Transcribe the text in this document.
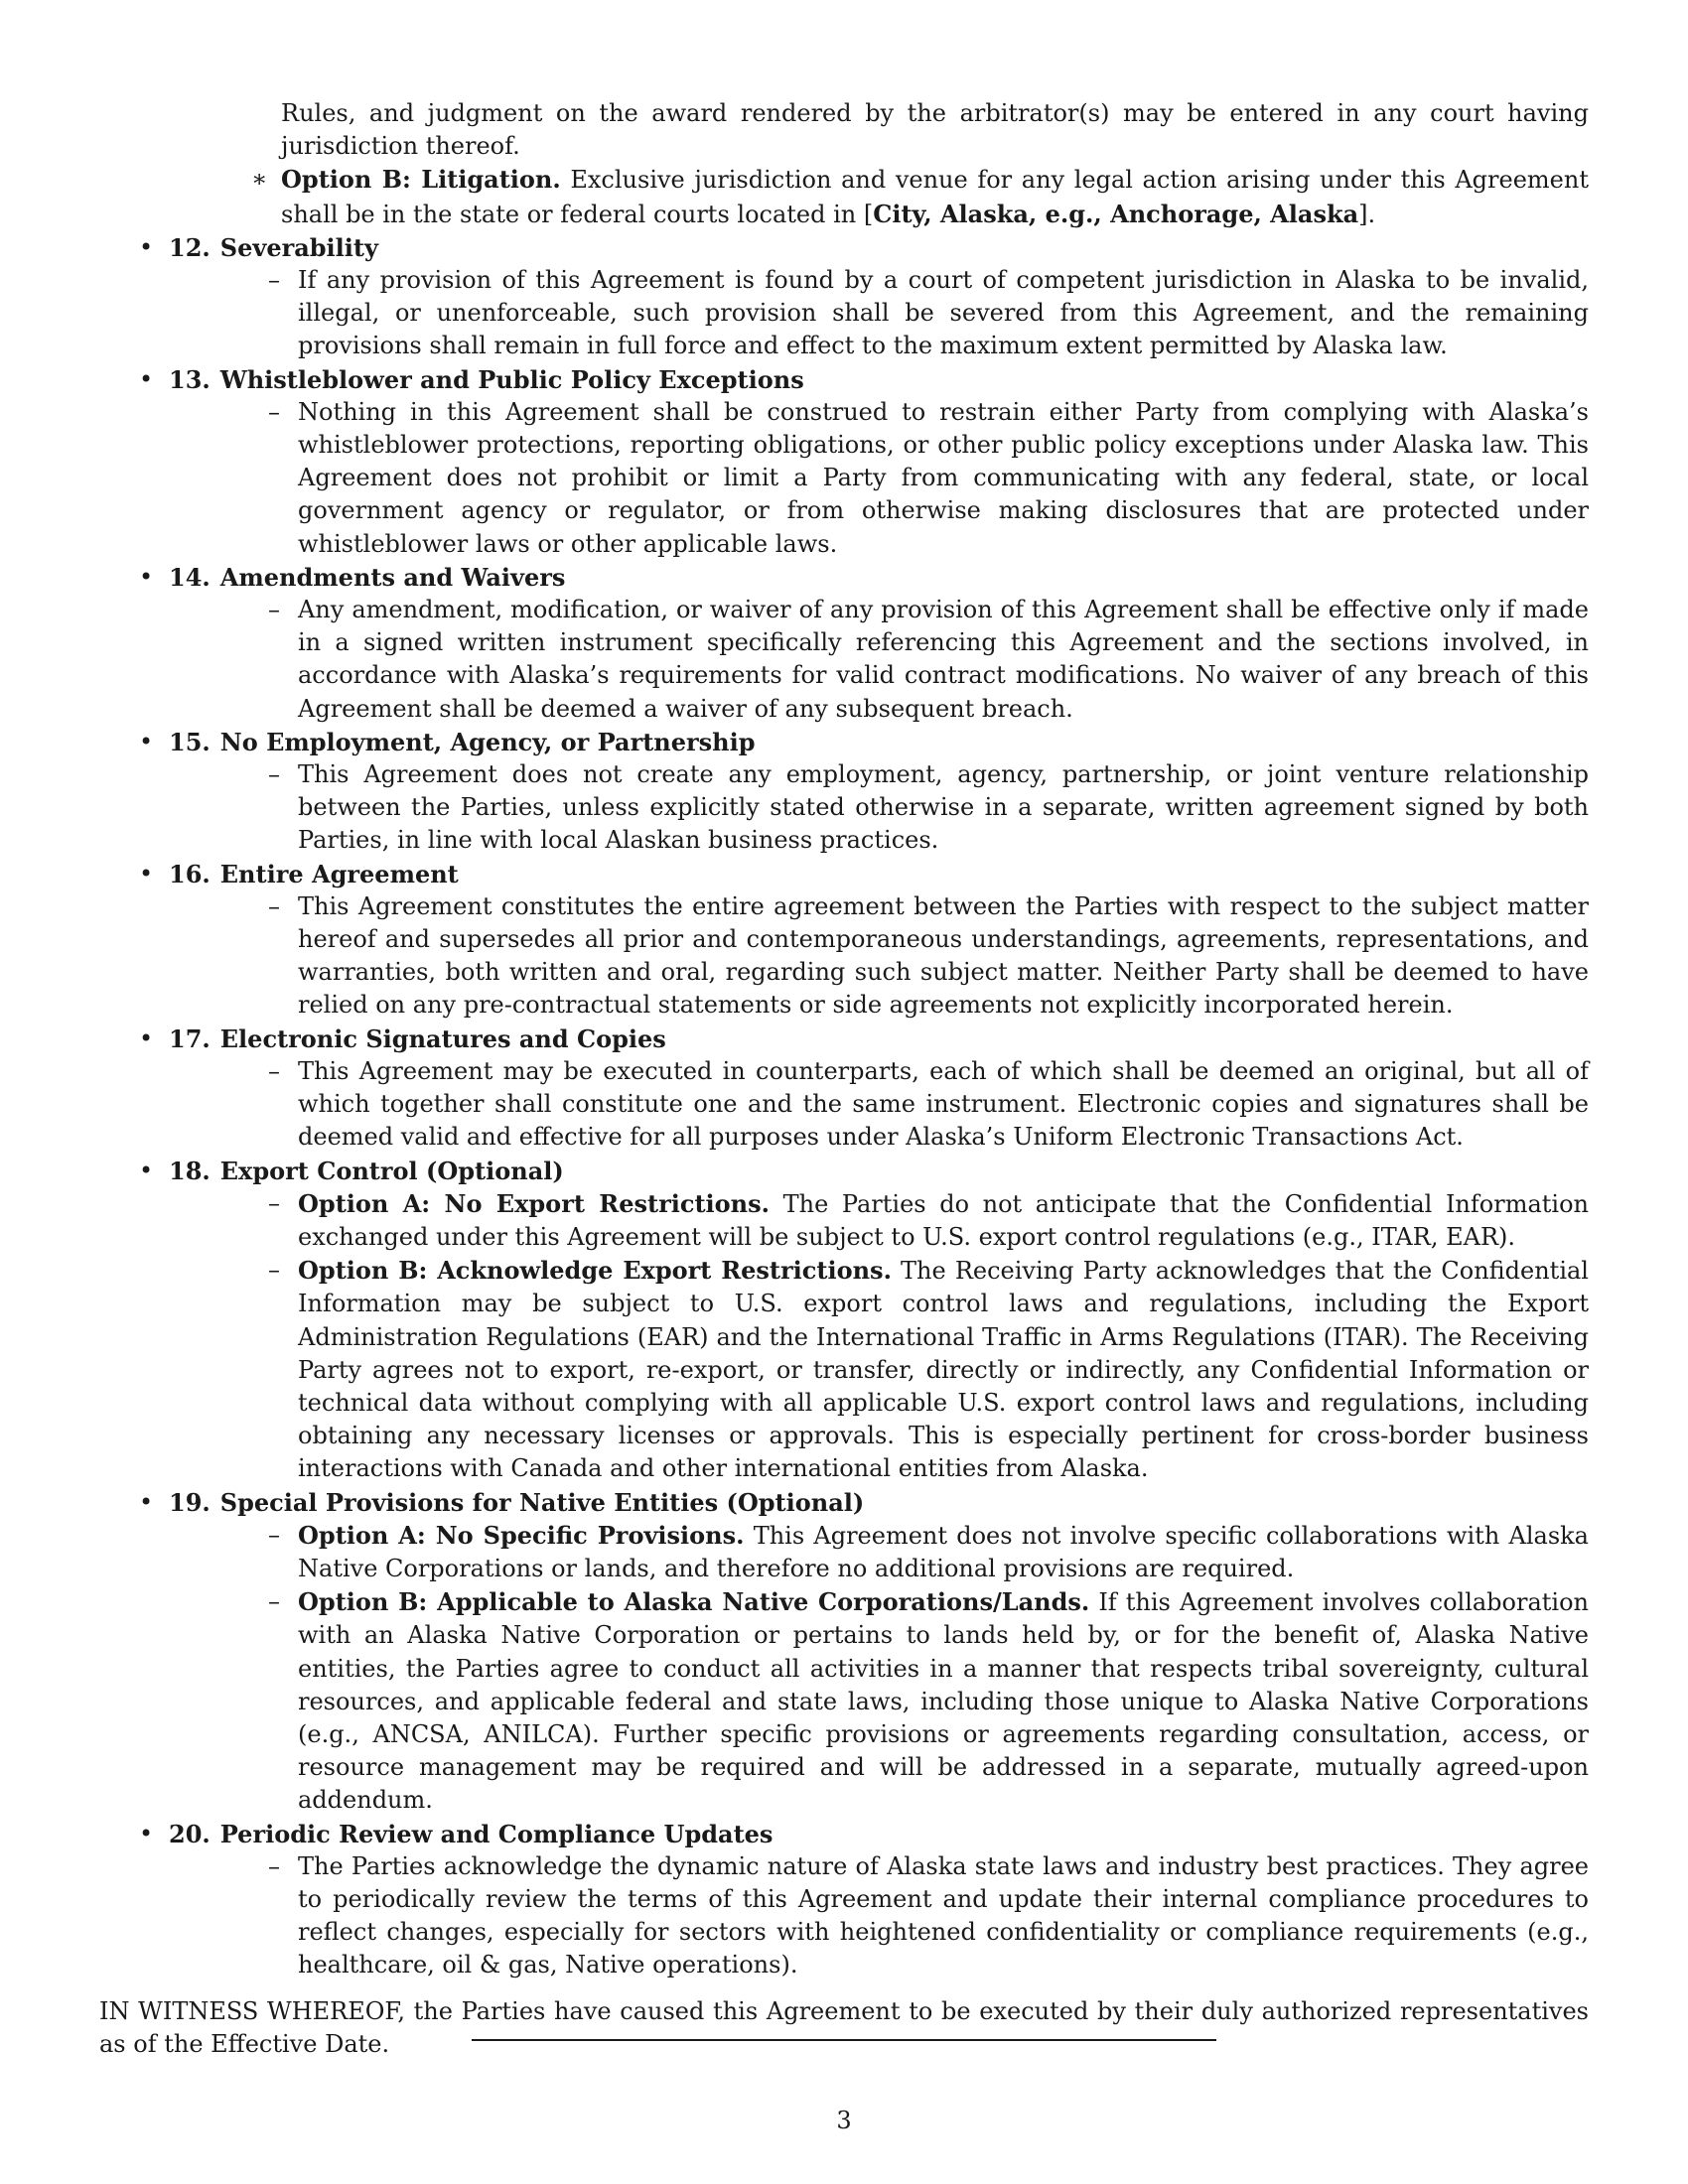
Rules, and judgment on the award rendered by the arbitrator(s) may be entered in any court having jurisdiction thereof.

∗ Option B: Litigation. Exclusive jurisdiction and venue for any legal action arising under this Agreement shall be in the state or federal courts located in [City, Alaska, e.g., Anchorage, Alaska].
• 12. Severability
– If any provision of this Agreement is found by a court of competent jurisdiction in Alaska to be invalid, illegal, or unenforceable, such provision shall be severed from this Agreement, and the remaining provisions shall remain in full force and effect to the maximum extent permitted by Alaska law.
• 13. Whistleblower and Public Policy Exceptions
– Nothing in this Agreement shall be construed to restrain either Party from complying with Alaska’s whistleblower protections, reporting obligations, or other public policy exceptions under Alaska law. This Agreement does not prohibit or limit a Party from communicating with any federal, state, or local government agency or regulator, or from otherwise making disclosures that are protected under whistleblower laws or other applicable laws.
• 14. Amendments and Waivers
– Any amendment, modification, or waiver of any provision of this Agreement shall be effective only if made in a signed written instrument specifically referencing this Agreement and the sections involved, in accordance with Alaska’s requirements for valid contract modifications. No waiver of any breach of this Agreement shall be deemed a waiver of any subsequent breach.
• 15. No Employment, Agency, or Partnership
– This Agreement does not create any employment, agency, partnership, or joint venture relationship between the Parties, unless explicitly stated otherwise in a separate, written agreement signed by both Parties, in line with local Alaskan business practices.
• 16. Entire Agreement
– This Agreement constitutes the entire agreement between the Parties with respect to the subject matter hereof and supersedes all prior and contemporaneous understandings, agreements, representations, and warranties, both written and oral, regarding such subject matter. Neither Party shall be deemed to have relied on any pre-contractual statements or side agreements not explicitly incorporated herein.
• 17. Electronic Signatures and Copies
– This Agreement may be executed in counterparts, each of which shall be deemed an original, but all of which together shall constitute one and the same instrument. Electronic copies and signatures shall be deemed valid and effective for all purposes under Alaska’s Uniform Electronic Transactions Act.
• 18. Export Control (Optional)
– Option A: No Export Restrictions. The Parties do not anticipate that the Confidential Information exchanged under this Agreement will be subject to U.S. export control regulations (e.g., ITAR, EAR).
– Option B: Acknowledge Export Restrictions. The Receiving Party acknowledges that the Confidential Information may be subject to U.S. export control laws and regulations, including the Export Administration Regulations (EAR) and the International Traffic in Arms Regulations (ITAR). The Receiving Party agrees not to export, re-export, or transfer, directly or indirectly, any Confidential Information or technical data without complying with all applicable U.S. export control laws and regulations, including obtaining any necessary licenses or approvals. This is especially pertinent for cross-border business interactions with Canada and other international entities from Alaska.
• 19. Special Provisions for Native Entities (Optional)
– Option A: No Specific Provisions. This Agreement does not involve specific collaborations with Alaska Native Corporations or lands, and therefore no additional provisions are required.
– Option B: Applicable to Alaska Native Corporations/Lands. If this Agreement involves collaboration with an Alaska Native Corporation or pertains to lands held by, or for the benefit of, Alaska Native entities, the Parties agree to conduct all activities in a manner that respects tribal sovereignty, cultural resources, and applicable federal and state laws, including those unique to Alaska Native Corporations (e.g., ANCSA, ANILCA). Further specific provisions or agreements regarding consultation, access, or resource management may be required and will be addressed in a separate, mutually agreed-upon addendum.
• 20. Periodic Review and Compliance Updates
– The Parties acknowledge the dynamic nature of Alaska state laws and industry best practices. They agree to periodically review the terms of this Agreement and update their internal compliance procedures to reflect changes, especially for sectors with heightened confidentiality or compliance requirements (e.g., healthcare, oil & gas, Native operations).

IN WITNESS WHEREOF, the Parties have caused this Agreement to be executed by their duly authorized representatives as of the Effective Date.

3
